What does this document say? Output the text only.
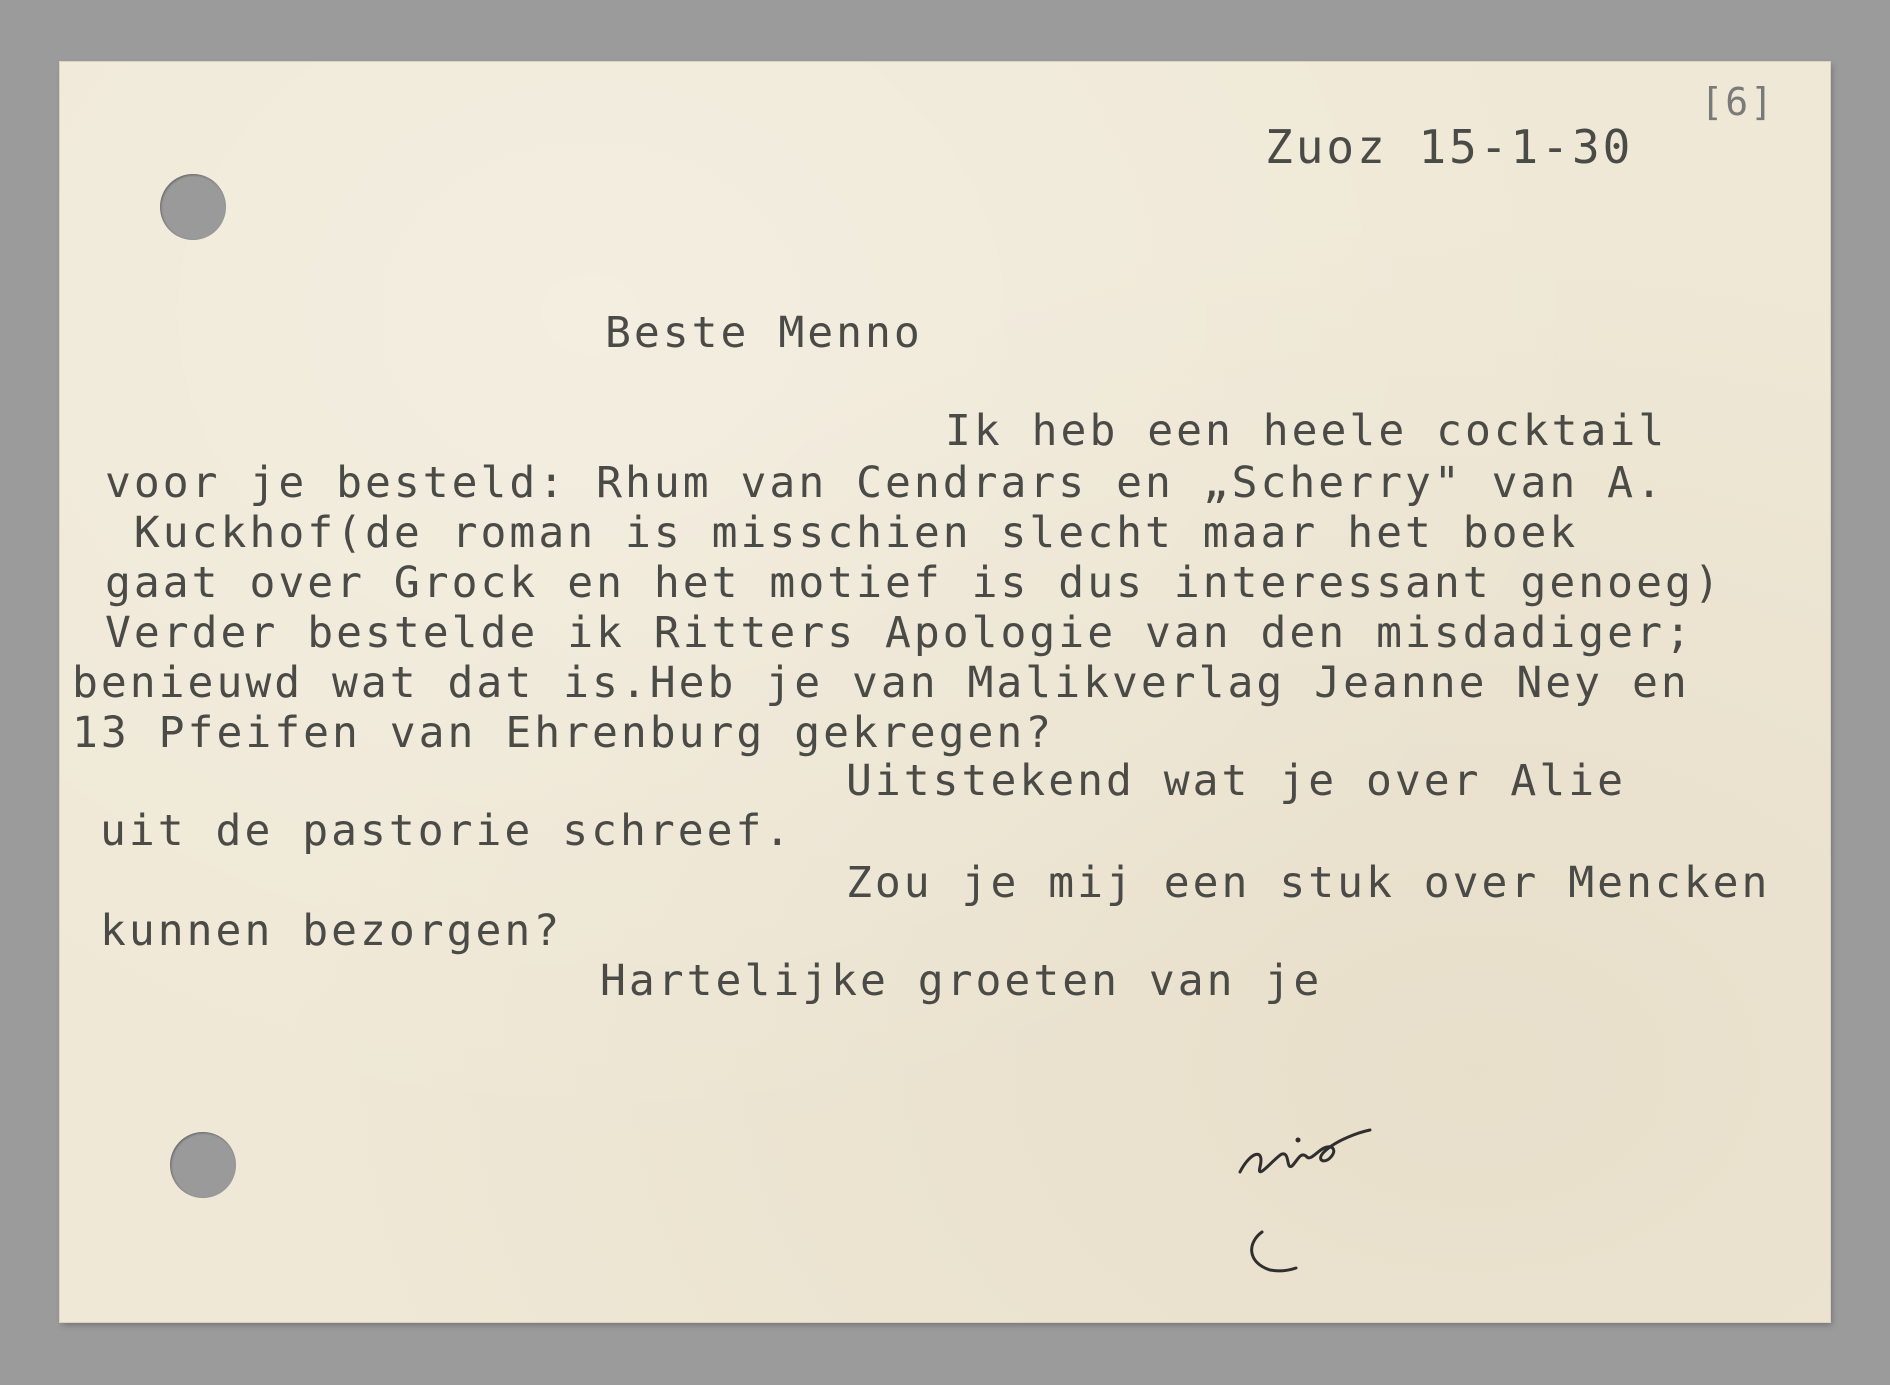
[6]
Zuoz 15-1-30
Beste Menno
Ik heb een heele cocktail
voor je besteld: Rhum van Cendrars en „Scherry" van A.
Kuckhof(de roman is misschien slecht maar het boek
gaat over Grock en het motief is dus interessant genoeg)
Verder bestelde ik Ritters Apologie van den misdadiger;
benieuwd wat dat is.Heb je van Malikverlag Jeanne Ney en
13 Pfeifen van Ehrenburg gekregen?
Uitstekend wat je over Alie
uit de pastorie schreef.
Zou je mij een stuk over Mencken
kunnen bezorgen?
Hartelijke groeten van je
